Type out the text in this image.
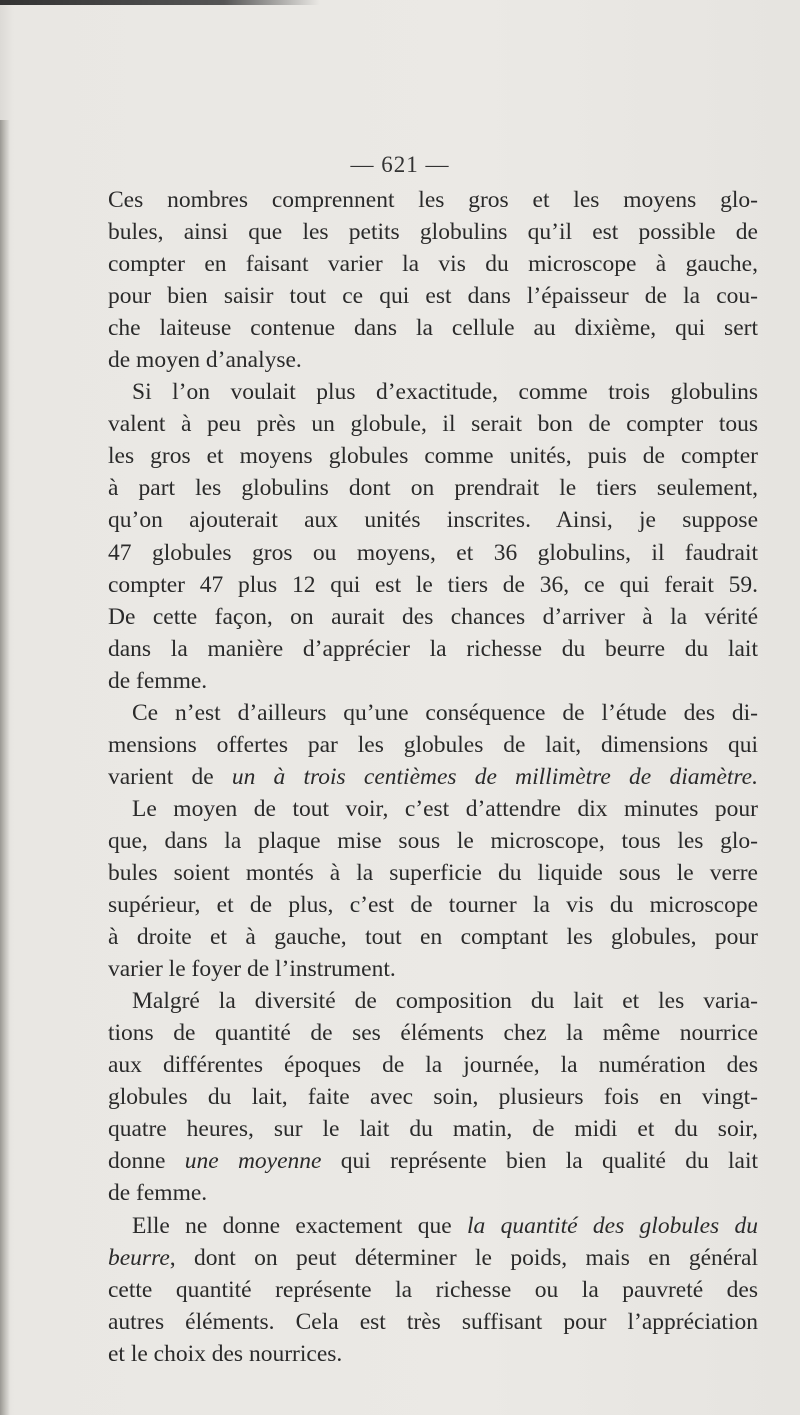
— 621 —
Ces nombres comprennent les gros et les moyens glo-
bules, ainsi que les petits globulins qu’il est possible de
compter en faisant varier la vis du microscope à gauche,
pour bien saisir tout ce qui est dans l’épaisseur de la cou-
che laiteuse contenue dans la cellule au dixième, qui sert
de moyen d’analyse.
Si l’on voulait plus d’exactitude, comme trois globulins
valent à peu près un globule, il serait bon de compter tous
les gros et moyens globules comme unités, puis de compter
à part les globulins dont on prendrait le tiers seulement,
qu’on ajouterait aux unités inscrites. Ainsi, je suppose
47 globules gros ou moyens, et 36 globulins, il faudrait
compter 47 plus 12 qui est le tiers de 36, ce qui ferait 59.
De cette façon, on aurait des chances d’arriver à la vérité
dans la manière d’apprécier la richesse du beurre du lait
de femme.
Ce n’est d’ailleurs qu’une conséquence de l’étude des di-
mensions offertes par les globules de lait, dimensions qui
varient de un à trois centièmes de millimètre de diamètre.
Le moyen de tout voir, c’est d’attendre dix minutes pour
que, dans la plaque mise sous le microscope, tous les glo-
bules soient montés à la superficie du liquide sous le verre
supérieur, et de plus, c’est de tourner la vis du microscope
à droite et à gauche, tout en comptant les globules, pour
varier le foyer de l’instrument.
Malgré la diversité de composition du lait et les varia-
tions de quantité de ses éléments chez la même nourrice
aux différentes époques de la journée, la numération des
globules du lait, faite avec soin, plusieurs fois en vingt-
quatre heures, sur le lait du matin, de midi et du soir,
donne une moyenne qui représente bien la qualité du lait
de femme.
Elle ne donne exactement que la quantité des globules du
beurre, dont on peut déterminer le poids, mais en général
cette quantité représente la richesse ou la pauvreté des
autres éléments. Cela est très suffisant pour l’appréciation
et le choix des nourrices.
